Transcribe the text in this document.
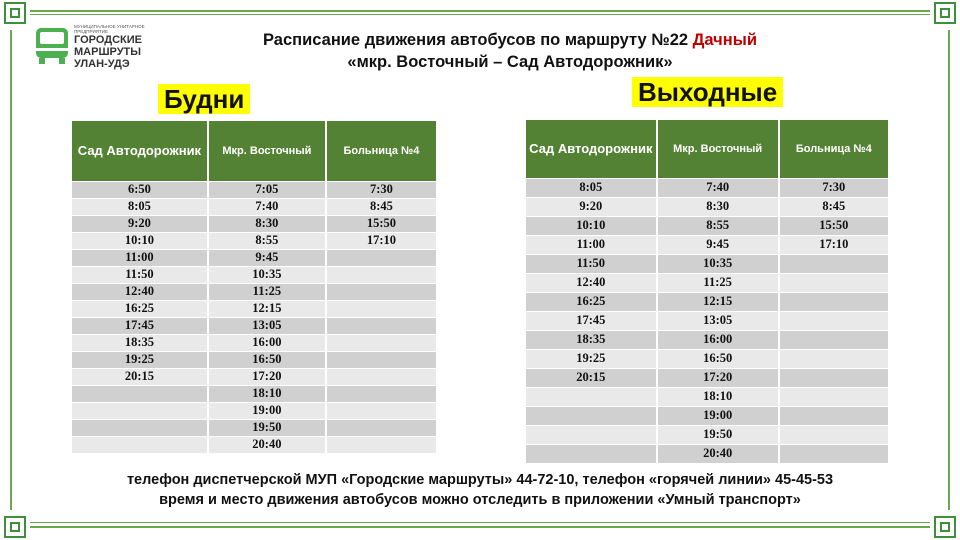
МУНИЦИПАЛЬНОЕ УНИТАРНОЕ ПРЕДПРИЯТИЕ
ГОРОДСКИЕ
МАРШРУТЫ
УЛАН-УДЭ
Расписание движения автобусов по маршруту №22 Дачный
«мкр. Восточный – Сад Автодорожник»
Будни	Выходные
Сад Автодорожник	Мкр. Восточный	Больница №4
6:50	7:05	7:30
8:05	7:40	8:45
9:20	8:30	15:50
10:10	8:55	17:10
11:00	9:45	
11:50	10:35	
12:40	11:25	
16:25	12:15	
17:45	13:05	
18:35	16:00	
19:25	16:50	
20:15	17:20	
	18:10	
	19:00	
	19:50	
	20:40	
Сад Автодорожник	Мкр. Восточный	Больница №4
8:05	7:40	7:30
9:20	8:30	8:45
10:10	8:55	15:50
11:00	9:45	17:10
11:50	10:35	
12:40	11:25	
16:25	12:15	
17:45	13:05	
18:35	16:00	
19:25	16:50	
20:15	17:20	
	18:10	
	19:00	
	19:50	
	20:40	
телефон диспетчерской МУП «Городские маршруты» 44-72-10, телефон «горячей линии» 45-45-53
время и место движения автобусов можно отследить в приложении «Умный транспорт»
